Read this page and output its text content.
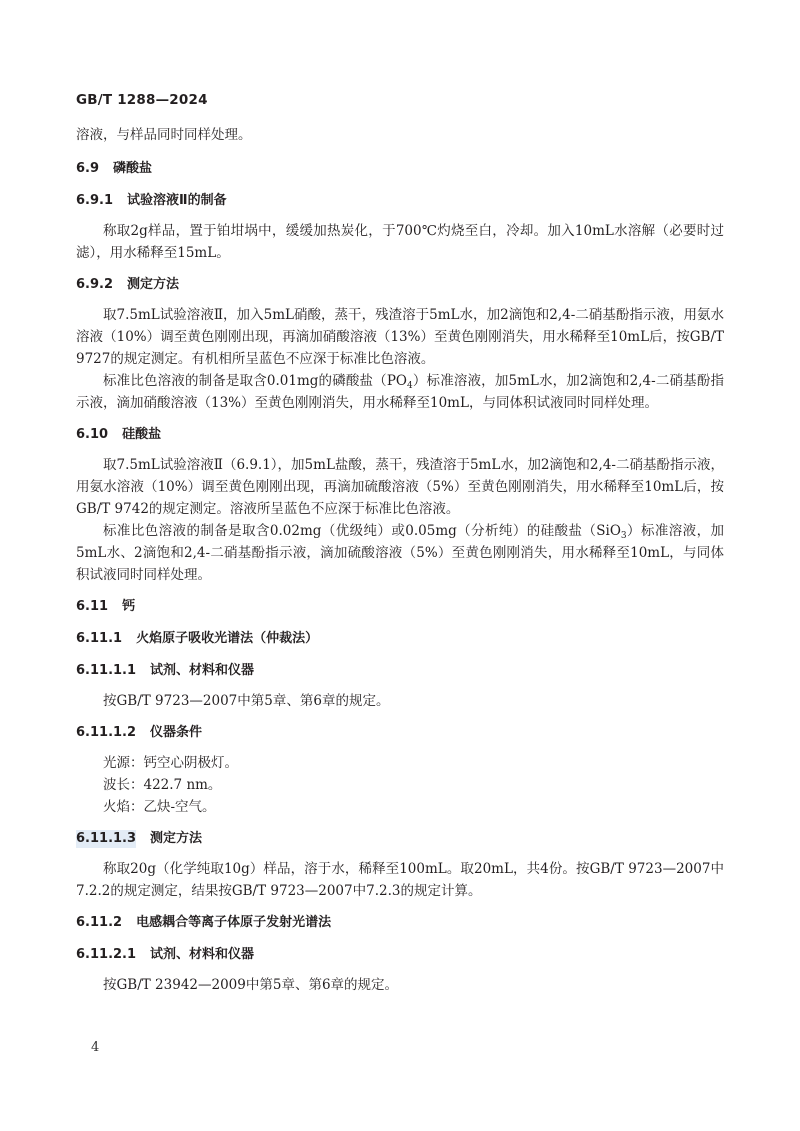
GB/T 1288—2024

溶液，与样品同时同样处理。

6.9 磷酸盐

6.9.1 试验溶液Ⅱ的制备

称取2g样品，置于铂坩埚中，缓缓加热炭化，于700℃灼烧至白，冷却。加入10mL水溶解（必要时过滤），用水稀释至15mL。

6.9.2 测定方法

取7.5mL试验溶液Ⅱ，加入5mL硝酸，蒸干，残渣溶于5mL水，加2滴饱和2,4-二硝基酚指示液，用氨水溶液（10%）调至黄色刚刚出现，再滴加硝酸溶液（13%）至黄色刚刚消失，用水稀释至10mL后，按GB/T 9727的规定测定。有机相所呈蓝色不应深于标准比色溶液。

标准比色溶液的制备是取含0.01mg的磷酸盐$(PO_4)$标准溶液，加5mL水，加2滴饱和2,4-二硝基酚指示液，滴加硝酸溶液（13%）至黄色刚刚消失，用水稀释至10mL，与同体积试液同时同样处理。

6.10 硅酸盐

取7.5mL试验溶液Ⅱ（6.9.1），加5mL盐酸，蒸干，残渣溶于5mL水，加2滴饱和2,4-二硝基酚指示液，用氨水溶液（10%）调至黄色刚刚出现，再滴加硫酸溶液（5%）至黄色刚刚消失，用水稀释至10mL后，按GB/T 9742的规定测定。溶液所呈蓝色不应深于标准比色溶液。

标准比色溶液的制备是取含0.02mg（优级纯）或0.05mg（分析纯）的硅酸盐（SiO$_3$）标准溶液，加5mL水、2滴饱和2,4-二硝基酚指示液，滴加硫酸溶液（5%）至黄色刚刚消失，用水稀释至10mL，与同体积试液同时同样处理。

6.11 钙

6.11.1 火焰原子吸收光谱法（仲裁法）

6.11.1.1 试剂、材料和仪器

按GB/T 9723—2007中第5章、第6章的规定。

6.11.1.2 仪器条件

光源：钙空心阴极灯。

波长：422.7 nm。

火焰：乙炔-空气。

6.11.1.3 测定方法

称取20g（化学纯取10g）样品，溶于水，稀释至100mL。取20mL，共4份。按GB/T 9723—2007中7.2.2的规定测定，结果按GB/T 9723—2007中7.2.3的规定计算。

6.11.2 电感耦合等离子体原子发射光谱法

6.11.2.1 试剂、材料和仪器

按GB/T 23942—2009中第5章、第6章的规定。

4
